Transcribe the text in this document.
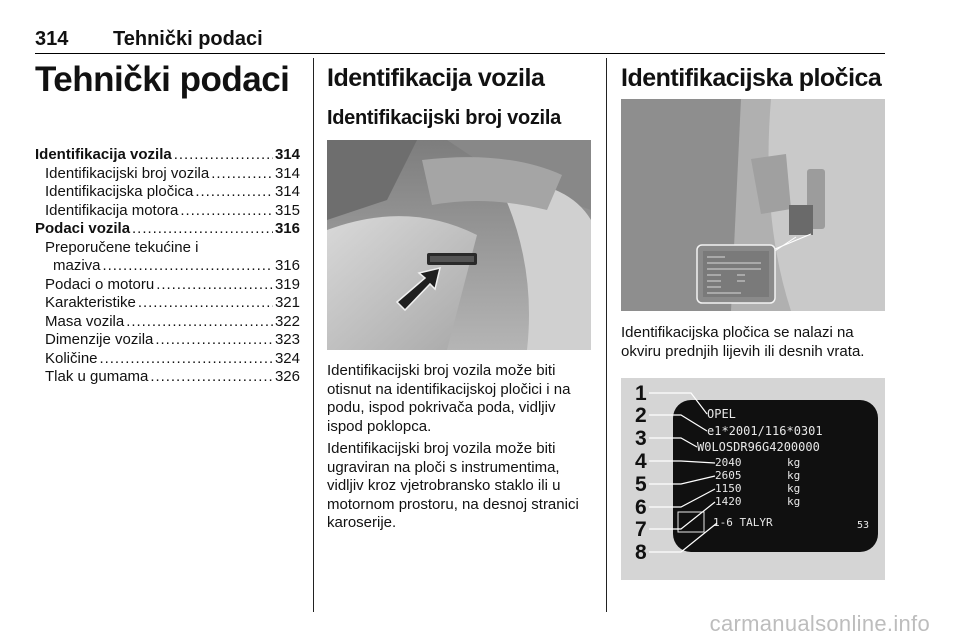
314 Tehnički podaci
Tehnički podaci
Identifikacija vozila . . .	314
Identifikacijski broj vozila . . .	314
Identifikacijska pločica . . .	314
Identifikacija motora . . .	315
Podaci vozila . . .	316
Preporučene tekućine i
maziva . . .	316
Podaci o motoru . . .	319
Karakteristike . . .	321
Masa vozila . . .	322
Dimenzije vozila . . .	323
Količine . . .	324
Tlak u gumama . . .	326
Identifikacija vozila
Identifikacijski broj vozila
Identifikacijski broj vozila može biti otisnut na identifikacijskoj pločici i na podu, ispod pokrivača poda, vidljiv ispod poklopca.
Identifikacijski broj vozila može biti ugraviran na ploči s instrumentima, vidljiv kroz vjetrobransko staklo ili u motornom prostoru, na desnoj stranici karoserije.
Identifikacijska pločica
Identifikacijska pločica se nalazi na okviru prednjih lijevih ili desnih vrata.
OPEL
e1*2001/116*0301
W0LOSDR96G4200000
2040
2605
1150
1420
kg
kg
kg
kg
1-6 TALYR	53
1
2
3
4
5
6
7
8
carmanualsonline.info
